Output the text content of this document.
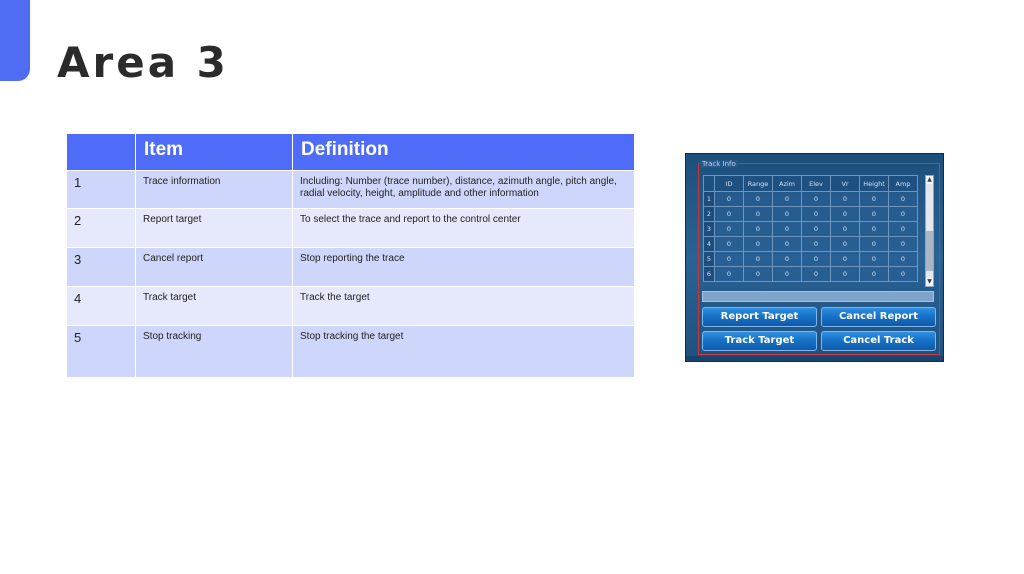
Area 3
	Item	Definition
1	Trace information	Including: Number (trace number), distance, azimuth angle, pitch angle, radial velocity, height, amplitude and other information
2	Report target	To select the trace and report to the control center
3	Cancel report	Stop reporting the trace
4	Track target	Track the target
5	Stop tracking	Stop tracking the target
Track Info
	ID	Range	Azim	Elev	Vr	Height	Amp
1	0	0	0	0	0	0	0
2	0	0	0	0	0	0	0
3	0	0	0	0	0	0	0
4	0	0	0	0	0	0	0
5	0	0	0	0	0	0	0
6	0	0	0	0	0	0	0
▲
▼
Report Target	Cancel Report
Track Target	Cancel Track
